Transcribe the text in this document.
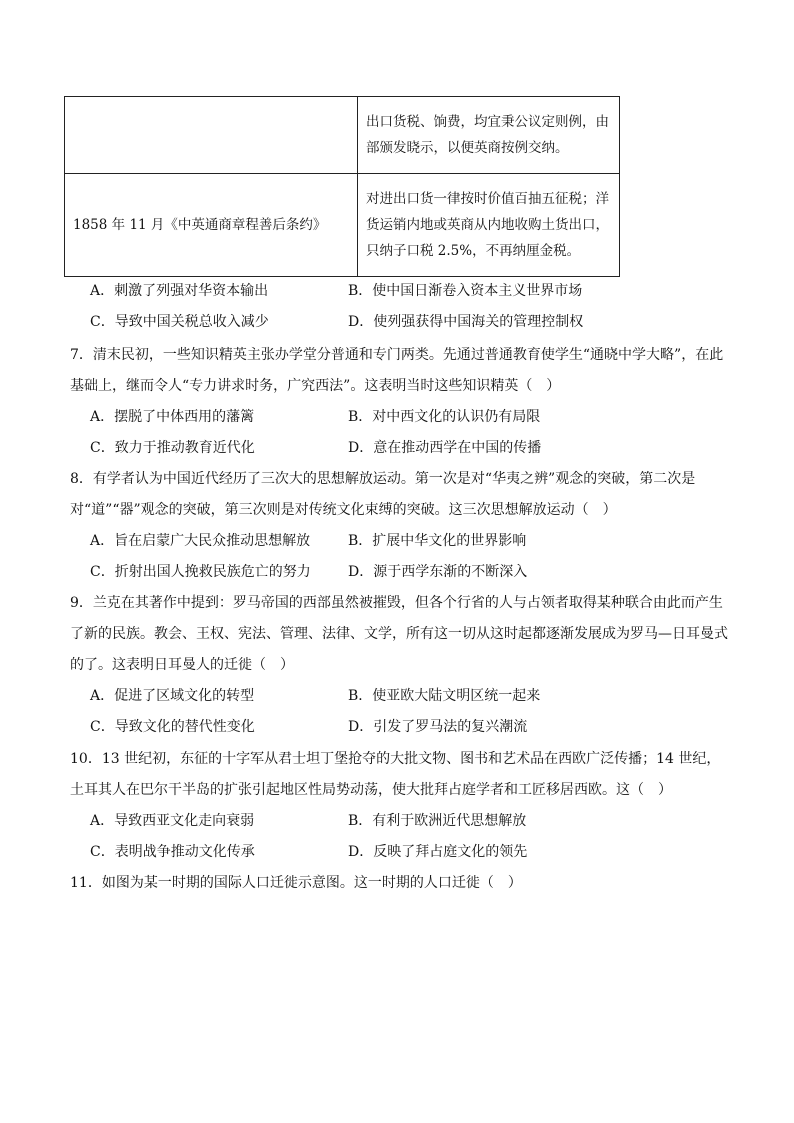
	出口货税、饷费，均宜秉公议定则例，由部颁发晓示，以便英商按例交纳。
1858 年 11 月《中英通商章程善后条约》	对进出口货一律按时价值百抽五征税；洋货运销内地或英商从内地收购土货出口，只纳子口税 2.5%，不再纳厘金税。
A．刺激了列强对华资本输出	B．使中国日渐卷入资本主义世界市场
C．导致中国关税总收入减少	D．使列强获得中国海关的管理控制权

7．清末民初，一些知识精英主张办学堂分普通和专门两类。先通过普通教育使学生“通晓中学大略”，在此基础上，继而令人“专力讲求时务，广究西法”。这表明当时这些知识精英（　）

A．摆脱了中体西用的藩篱	B．对中西文化的认识仍有局限
C．致力于推动教育近代化	D．意在推动西学在中国的传播

8．有学者认为中国近代经历了三次大的思想解放运动。第一次是对“华夷之辨”观念的突破，第二次是对“道”“器”观念的突破，第三次则是对传统文化束缚的突破。这三次思想解放运动（　）

A．旨在启蒙广大民众推动思想解放	B．扩展中华文化的世界影响
C．折射出国人挽救民族危亡的努力	D．源于西学东渐的不断深入

9．兰克在其著作中提到：罗马帝国的西部虽然被摧毁，但各个行省的人与占领者取得某种联合由此而产生了新的民族。教会、王权、宪法、管理、法律、文学，所有这一切从这时起都逐渐发展成为罗马—日耳曼式的了。这表明日耳曼人的迁徙（　）

A．促进了区域文化的转型	B．使亚欧大陆文明区统一起来
C．导致文化的替代性变化	D．引发了罗马法的复兴潮流

10．13 世纪初，东征的十字军从君士坦丁堡抢夺的大批文物、图书和艺术品在西欧广泛传播；14 世纪，土耳其人在巴尔干半岛的扩张引起地区性局势动荡，使大批拜占庭学者和工匠移居西欧。这（　）

A．导致西亚文化走向衰弱	B．有利于欧洲近代思想解放
C．表明战争推动文化传承	D．反映了拜占庭文化的领先

11．如图为某一时期的国际人口迁徙示意图。这一时期的人口迁徙（　）
